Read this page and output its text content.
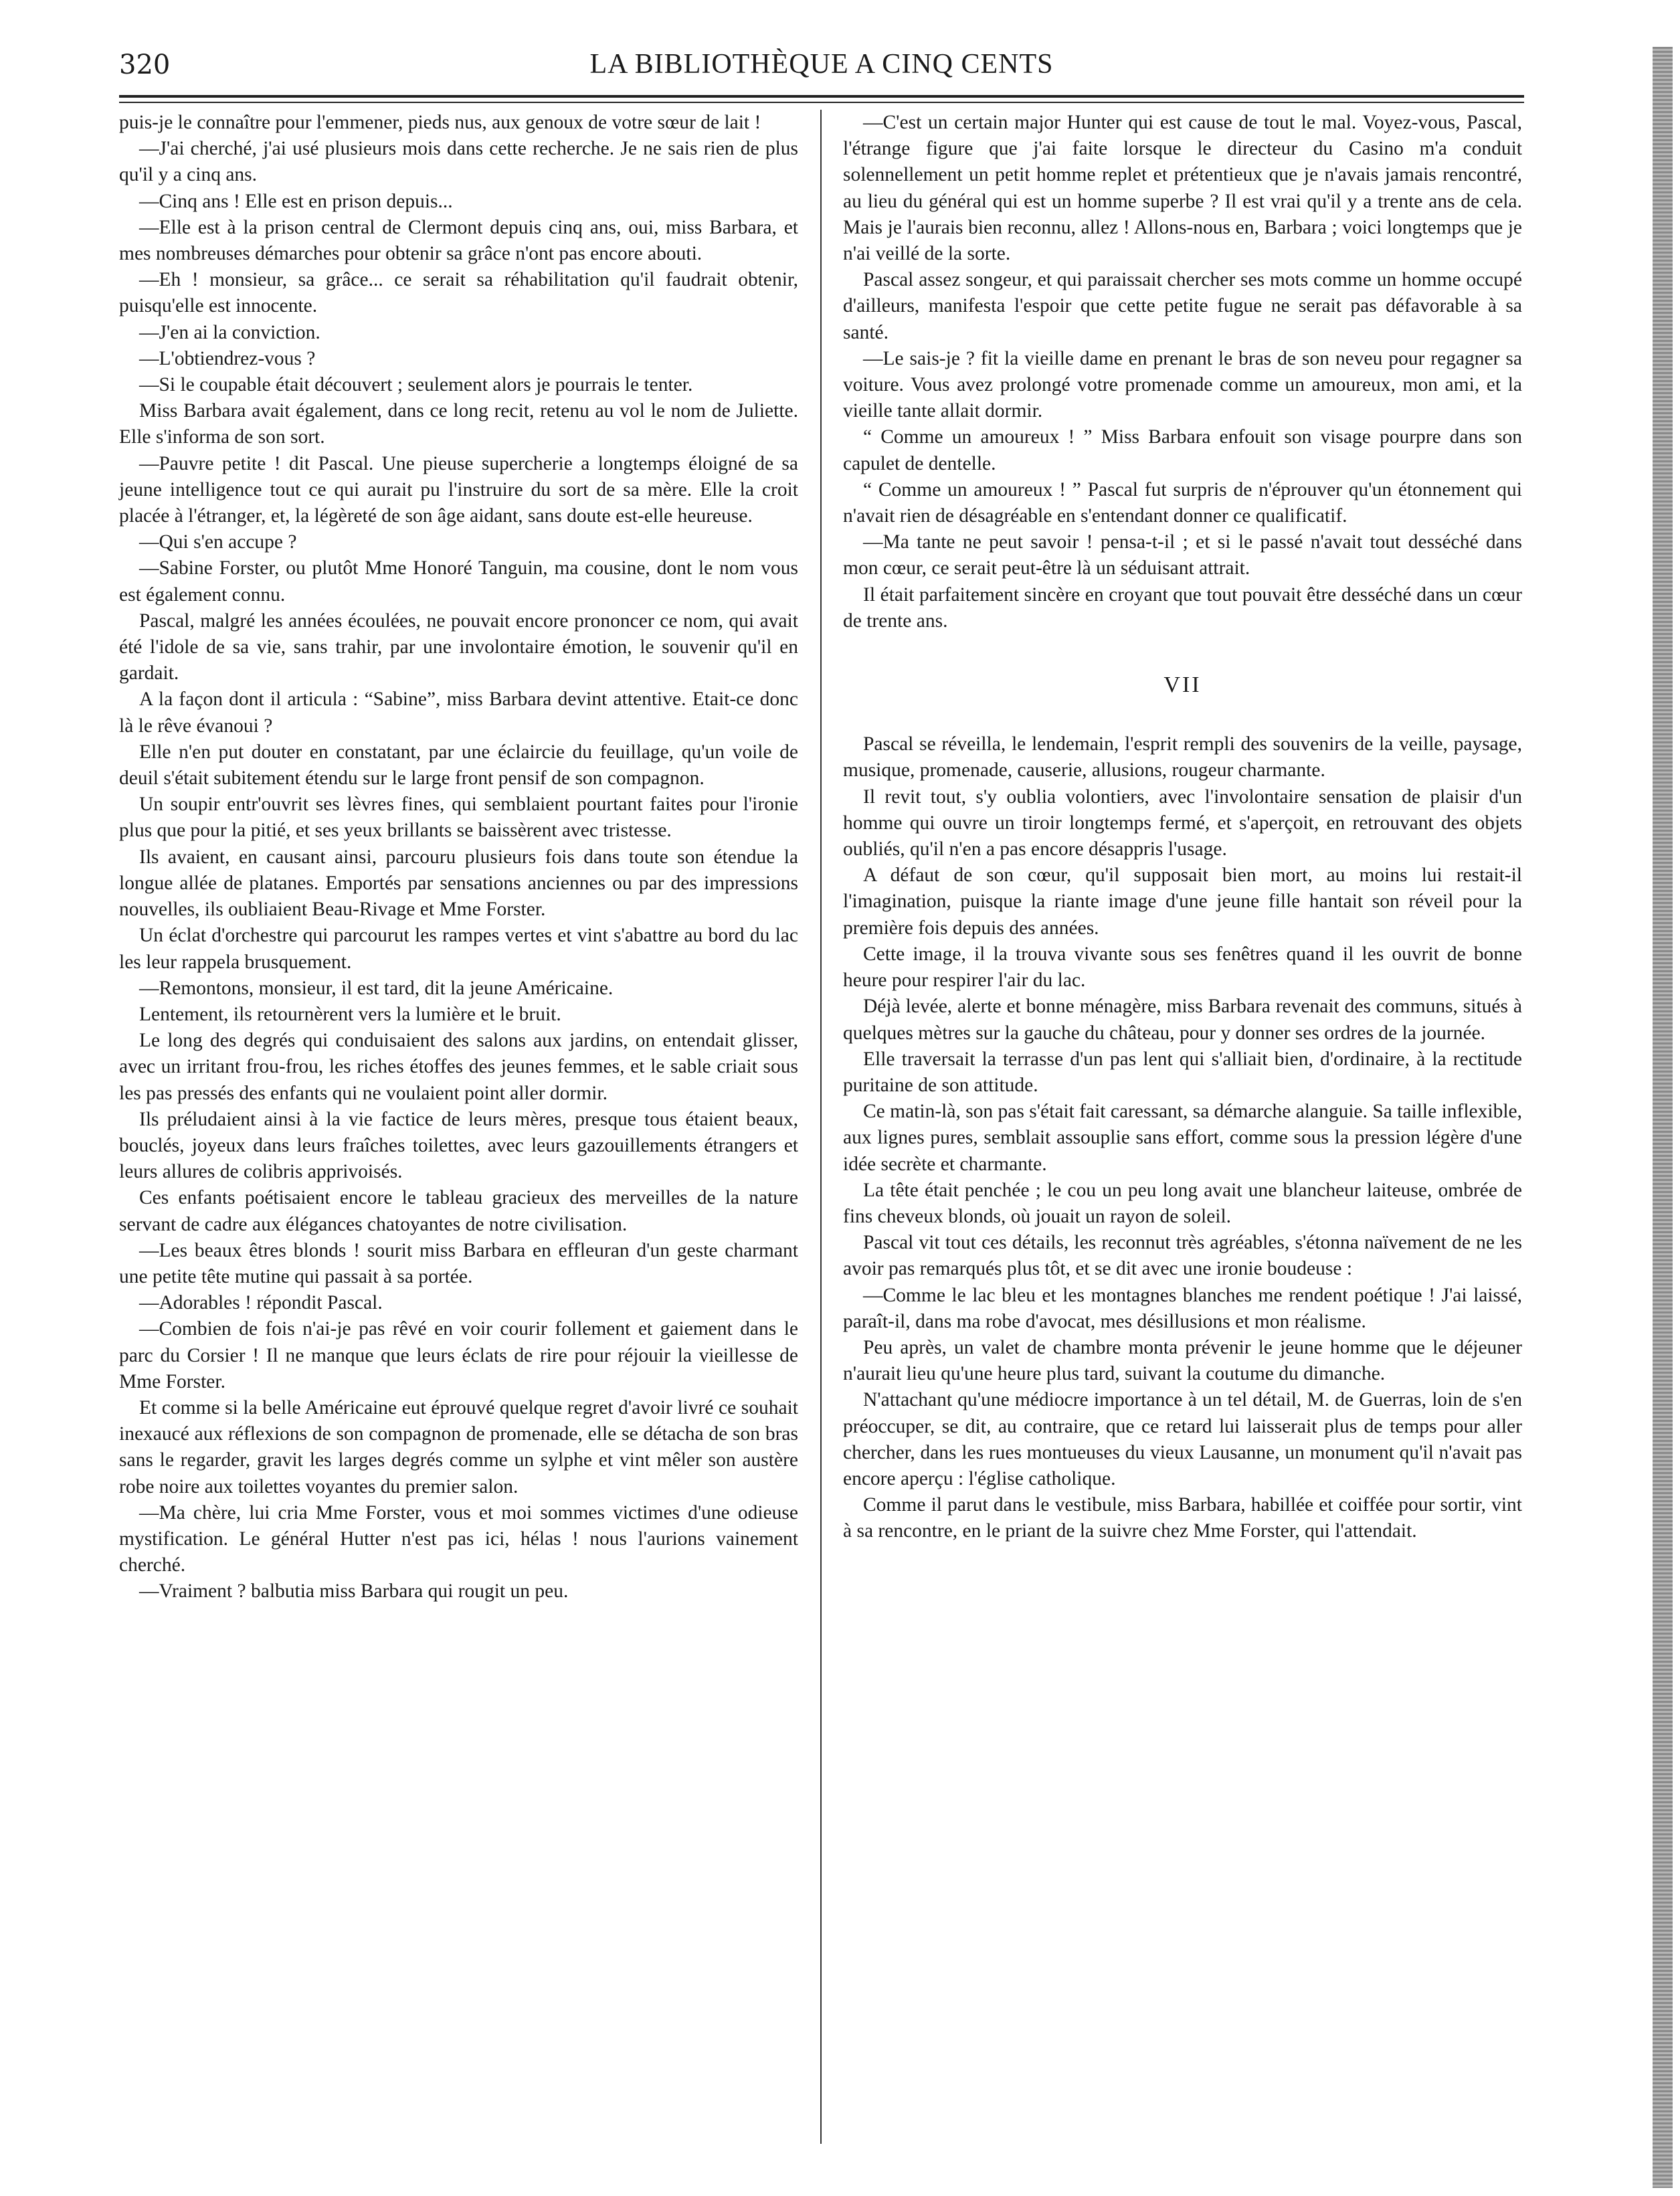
320	LA BIBLIOTHÈQUE A CINQ CENTS

puis-je le connaître pour l'emmener, pieds nus, aux genoux de votre sœur de lait !

—J'ai cherché, j'ai usé plusieurs mois dans cette recherche. Je ne sais rien de plus qu'il y a cinq ans.

—Cinq ans ! Elle est en prison depuis...

—Elle est à la prison central de Clermont depuis cinq ans, oui, miss Barbara, et mes nombreuses démarches pour obtenir sa grâce n'ont pas encore abouti.

—Eh ! monsieur, sa grâce... ce serait sa réhabilitation qu'il faudrait obtenir, puisqu'elle est innocente.

—J'en ai la conviction.

—L'obtiendrez-vous ?

—Si le coupable était découvert ; seulement alors je pourrais le tenter.

Miss Barbara avait également, dans ce long recit, retenu au vol le nom de Juliette. Elle s'informa de son sort.

—Pauvre petite ! dit Pascal. Une pieuse supercherie a longtemps éloigné de sa jeune intelligence tout ce qui aurait pu l'instruire du sort de sa mère. Elle la croit placée à l'étranger, et, la légèreté de son âge aidant, sans doute est-elle heureuse.

—Qui s'en accupe ?

—Sabine Forster, ou plutôt Mme Honoré Tanguin, ma cousine, dont le nom vous est également connu.

Pascal, malgré les années écoulées, ne pouvait encore prononcer ce nom, qui avait été l'idole de sa vie, sans trahir, par une involontaire émotion, le souvenir qu'il en gardait.

A la façon dont il articula : “Sabine”, miss Barbara devint attentive. Etait-ce donc là le rêve évanoui ?

Elle n'en put douter en constatant, par une éclaircie du feuillage, qu'un voile de deuil s'était subitement étendu sur le large front pensif de son compagnon.

Un soupir entr'ouvrit ses lèvres fines, qui semblaient pourtant faites pour l'ironie plus que pour la pitié, et ses yeux brillants se baissèrent avec tristesse.

Ils avaient, en causant ainsi, parcouru plusieurs fois dans toute son étendue la longue allée de platanes. Emportés par sensations anciennes ou par des impressions nouvelles, ils oubliaient Beau-Rivage et Mme Forster.

Un éclat d'orchestre qui parcourut les rampes vertes et vint s'abattre au bord du lac les leur rappela brusquement.

—Remontons, monsieur, il est tard, dit la jeune Américaine.

Lentement, ils retournèrent vers la lumière et le bruit.

Le long des degrés qui conduisaient des salons aux jardins, on entendait glisser, avec un irritant frou-frou, les riches étoffes des jeunes femmes, et le sable criait sous les pas pressés des enfants qui ne voulaient point aller dormir.

Ils préludaient ainsi à la vie factice de leurs mères, presque tous étaient beaux, bouclés, joyeux dans leurs fraîches toilettes, avec leurs gazouillements étrangers et leurs allures de colibris apprivoisés.

Ces enfants poétisaient encore le tableau gracieux des merveilles de la nature servant de cadre aux élégances chatoyantes de notre civilisation.

—Les beaux êtres blonds ! sourit miss Barbara en effleuran d'un geste charmant une petite tête mutine qui passait à sa portée.

—Adorables ! répondit Pascal.

—Combien de fois n'ai-je pas rêvé en voir courir follement et gaiement dans le parc du Corsier ! Il ne manque que leurs éclats de rire pour réjouir la vieillesse de Mme Forster.

Et comme si la belle Américaine eut éprouvé quelque regret d'avoir livré ce souhait inexaucé aux réflexions de son compagnon de promenade, elle se détacha de son bras sans le regarder, gravit les larges degrés comme un sylphe et vint mêler son austère robe noire aux toilettes voyantes du premier salon.

—Ma chère, lui cria Mme Forster, vous et moi sommes victimes d'une odieuse mystification. Le général Hutter n'est pas ici, hélas ! nous l'aurions vainement cherché.

—Vraiment ? balbutia miss Barbara qui rougit un peu.

—C'est un certain major Hunter qui est cause de tout le mal. Voyez-vous, Pascal, l'étrange figure que j'ai faite lorsque le directeur du Casino m'a conduit solennellement un petit homme replet et prétentieux que je n'avais jamais rencontré, au lieu du général qui est un homme superbe ? Il est vrai qu'il y a trente ans de cela. Mais je l'aurais bien reconnu, allez ! Allons-nous en, Barbara ; voici longtemps que je n'ai veillé de la sorte.

Pascal assez songeur, et qui paraissait chercher ses mots comme un homme occupé d'ailleurs, manifesta l'espoir que cette petite fugue ne serait pas défavorable à sa santé.

—Le sais-je ? fit la vieille dame en prenant le bras de son neveu pour regagner sa voiture. Vous avez prolongé votre promenade comme un amoureux, mon ami, et la vieille tante allait dormir.

“ Comme un amoureux ! ” Miss Barbara enfouit son visage pourpre dans son capulet de dentelle.

“ Comme un amoureux ! ” Pascal fut surpris de n'éprouver qu'un étonnement qui n'avait rien de désagréable en s'entendant donner ce qualificatif.

—Ma tante ne peut savoir ! pensa-t-il ; et si le passé n'avait tout desséché dans mon cœur, ce serait peut-être là un séduisant attrait.

Il était parfaitement sincère en croyant que tout pouvait être desséché dans un cœur de trente ans.

VII

Pascal se réveilla, le lendemain, l'esprit rempli des souvenirs de la veille, paysage, musique, promenade, causerie, allusions, rougeur charmante.

Il revit tout, s'y oublia volontiers, avec l'involontaire sensation de plaisir d'un homme qui ouvre un tiroir longtemps fermé, et s'aperçoit, en retrouvant des objets oubliés, qu'il n'en a pas encore désappris l'usage.

A défaut de son cœur, qu'il supposait bien mort, au moins lui restait-il l'imagination, puisque la riante image d'une jeune fille hantait son réveil pour la première fois depuis des années.

Cette image, il la trouva vivante sous ses fenêtres quand il les ouvrit de bonne heure pour respirer l'air du lac.

Déjà levée, alerte et bonne ménagère, miss Barbara revenait des communs, situés à quelques mètres sur la gauche du château, pour y donner ses ordres de la journée.

Elle traversait la terrasse d'un pas lent qui s'alliait bien, d'ordinaire, à la rectitude puritaine de son attitude.

Ce matin-là, son pas s'était fait caressant, sa démarche alanguie. Sa taille inflexible, aux lignes pures, semblait assouplie sans effort, comme sous la pression légère d'une idée secrète et charmante.

La tête était penchée ; le cou un peu long avait une blancheur laiteuse, ombrée de fins cheveux blonds, où jouait un rayon de soleil.

Pascal vit tout ces détails, les reconnut très agréables, s'étonna naïvement de ne les avoir pas remarqués plus tôt, et se dit avec une ironie boudeuse :

—Comme le lac bleu et les montagnes blanches me rendent poétique ! J'ai laissé, paraît-il, dans ma robe d'avocat, mes désillusions et mon réalisme.

Peu après, un valet de chambre monta prévenir le jeune homme que le déjeuner n'aurait lieu qu'une heure plus tard, suivant la coutume du dimanche.

N'attachant qu'une médiocre importance à un tel détail, M. de Guerras, loin de s'en préoccuper, se dit, au contraire, que ce retard lui laisserait plus de temps pour aller chercher, dans les rues montueuses du vieux Lausanne, un monument qu'il n'avait pas encore aperçu : l'église catholique.

Comme il parut dans le vestibule, miss Barbara, habillée et coiffée pour sortir, vint à sa rencontre, en le priant de la suivre chez Mme Forster, qui l'attendait.
